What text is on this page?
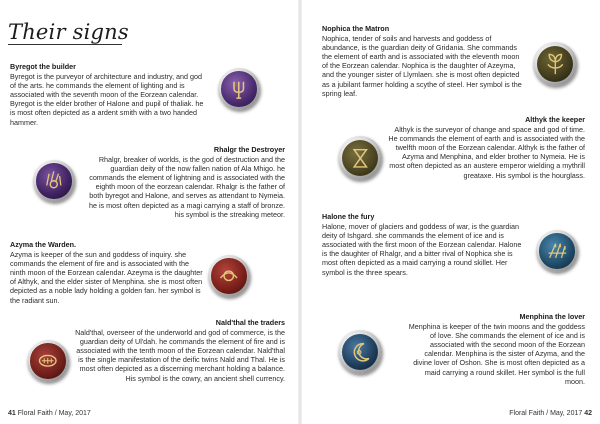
Their signs
Byregot the builder

Byregot is the purveyor of architecture and industry, and god of the arts. he commands the element of lighting and is associated with the seventh moon of the Eorzean calendar. Byregot is the elder brother of Halone and pupil of thaliak. he is most often depicted as a ardent smith with a two handed hammer.

Rhalgr the Destroyer

Rhalgr, breaker of worlds, is the god of destruction and the guardian deity of the now fallen nation of Ala Mhigo. he commands the element of lightning and is associated with the eighth moon of the eorzean calendar. Rhalgr is the father of both byregot and Halone, and serves as attendant to Nymeia. he is most often depicted as a magi carrying a staff of bronze. his symbol is the streaking meteor.

Azyma the Warden.

Azyma is keeper of the sun and goddess of inquiry. she commands the element of fire and is associated with the ninth moon of the Eorzean calendar. Azeyma is the daughter of Althyk, and the elder sister of Menphina. she is most often depicted as a noble lady holding a golden fan. her symbol is the radiant sun.

Nald'thal the traders

Nald'thal, overseer of the underworld and god of commerce, is the guardian deity of Ul'dah. he commands the element of fire and is associated with the tenth moon of the Eorzean calendar. Nald'thal is the single manifestation of the deific twins Nald and Thal. He is most often depicted as a discerning merchant holding a balance. His symbol is the cowry, an ancient shell currency.

41 Floral Faith / May, 2017
Nophica the Matron

Nophica, tender of soils and harvests and goddess of abundance, is the guardian deity of Gridania. She commands the element of earth and is associated with the eleventh moon of the Eorzean calendar. Nophica is the daughter of Azeyma, and the younger sister of Llymlaen. she is most often depicted as a jubilant farmer holding a scythe of steel. Her symbol is the spring leaf.

Althyk the keeper

Althyk is the surveyor of change and space and god of time. He commands the element of earth and is associated with the twelfth moon of the Eorzean calendar. Althyk is the father of Azyma and Menphina, and elder brother to Nymeia. He is most often depicted as an austere emperor wielding a mythrill greataxe. His symbol is the hourglass.

Halone the fury

Halone, mover of glaciers and goddess of war, is the guardian deity of Ishgard. she commands the element of ice and is associated with the first moon of the Eorzean calendar. Halone is the daughter of Rhalgr, and a bitter rival of Nophica she is most often depicted as a maid carrying a round skillet. Her symbol is the three spears.

Menphina the lover

Menphina is keeper of the twin moons and the goddess of love. She commands the element of ice and is associated with the second moon of the Eorzean calendar. Menphina is the sister of Azyma, and the divine lover of Oshon. She is most often depicted as a maid carrying a round skillet. Her symbol is the full moon.

Floral Faith / May, 2017 42
